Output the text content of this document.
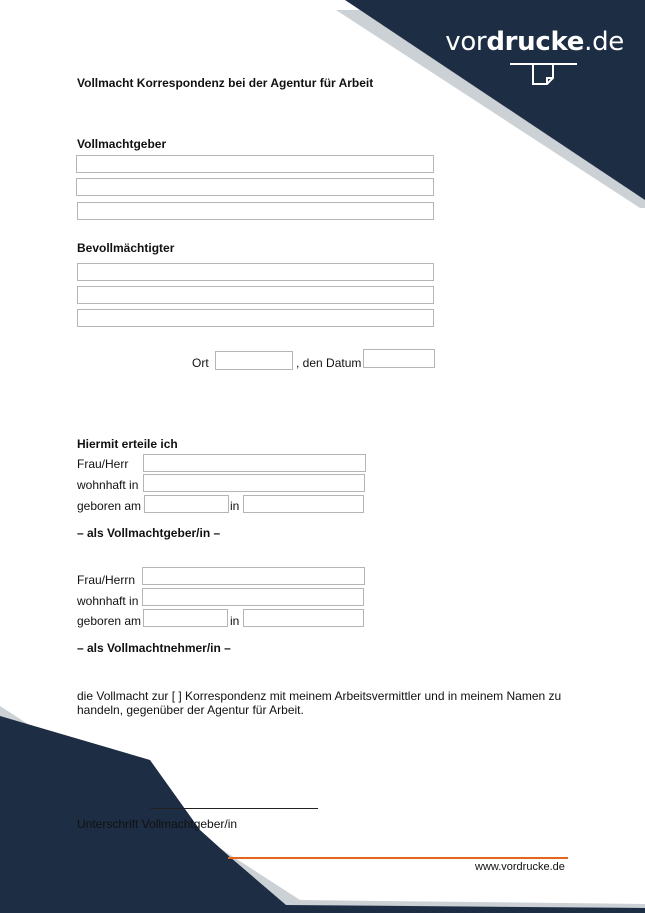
vordrucke.de
Vollmacht Korrespondenz bei der Agentur für Arbeit
Vollmachtgeber
Bevollmächtigter
Ort	, den Datum
Hiermit erteile ich
Frau/Herr
wohnhaft in
geboren am	in
– als Vollmachtgeber/in –
Frau/Herrn
wohnhaft in
geboren am	in
– als Vollmachtnehmer/in –
die Vollmacht zur [ ] Korrespondenz mit meinem Arbeitsvermittler und in meinem Namen zu handeln, gegenüber der Agentur für Arbeit.
Unterschrift Vollmachtgeber/in
www.vordrucke.de
